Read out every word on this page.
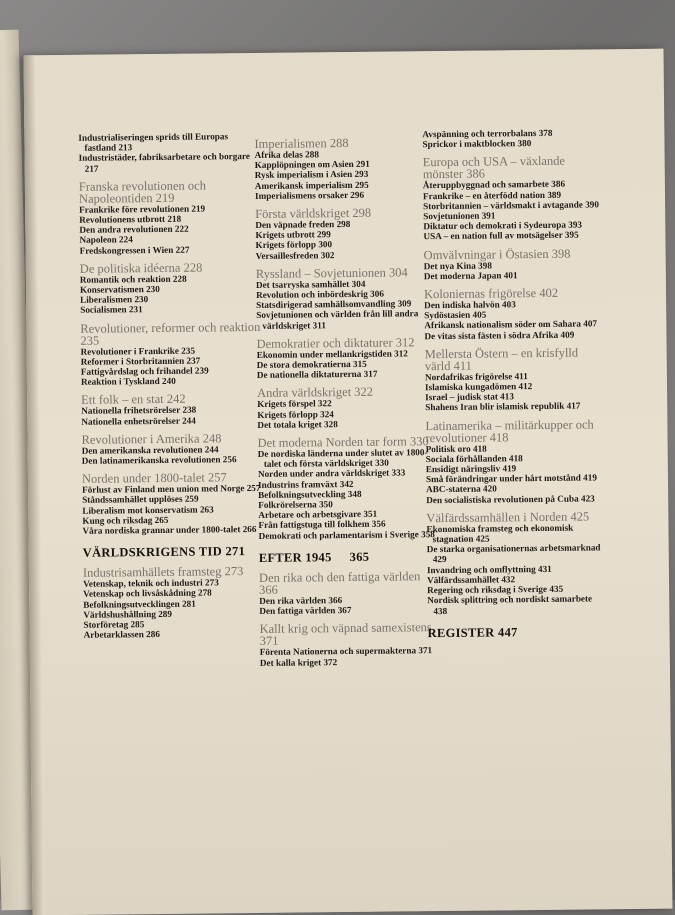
Industrialiseringen sprids till Europas fastland 213
Industristäder, fabriksarbetare och borgare 217
Franska revolutionen och Napoleontiden 219
Frankrike före revolutionen 219
Revolutionens utbrott 218
Den andra revolutionen 222
Napoleon 224
Fredskongressen i Wien 227
De politiska idéerna 228
Romantik och reaktion 228
Konservatismen 230
Liberalismen 230
Socialismen 231
Revolutioner, reformer och reaktion 235
Revolutioner i Frankrike 235
Reformer i Storbritannien 237
Fattigvårdslag och frihandel 239
Reaktion i Tyskland 240
Ett folk – en stat 242
Nationella frihetsrörelser 238
Nationella enhetsrörelser 244
Revolutioner i Amerika 248
Den amerikanska revolutionen 244
Den latinamerikanska revolutionen 256
Norden under 1800-talet 257
Förlust av Finland men union med Norge 257
Ståndssamhället upplöses 259
Liberalism mot konservatism 263
Kung och riksdag 265
Våra nordiska grannar under 1800-talet 266
VÄRLDSKRIGENS TID 271
Industrisamhällets framsteg 273
Vetenskap, teknik och industri 273
Vetenskap och livsåskådning 278
Befolkningsutvecklingen 281
Världshushållning 289
Storföretag 285
Arbetarklassen 286
Imperialismen 288
Afrika delas 288
Kapplöpningen om Asien 291
Rysk imperialism i Asien 293
Amerikansk imperialism 295
Imperialismens orsaker 296
Första världskriget 298
Den väpnade freden 298
Krigets utbrott 299
Krigets förlopp 300
Versaillesfreden 302
Ryssland – Sovjetunionen 304
Det tsarryska samhället 304
Revolution och inbördeskrig 306
Statsdirigerad samhällsomvandling 309
Sovjetunionen och världen från lill andra världskriget 311
Demokratier och diktaturer 312
Ekonomin under mellankrigstiden 312
De stora demokratierna 315
De nationella diktaturerna 317
Andra världskriget 322
Krigets förspel 322
Krigets förlopp 324
Det totala kriget 328
Det moderna Norden tar form 330
De nordiska länderna under slutet av 1800-talet och första världskriget 330
Norden under andra världskriget 333
Industrins framväxt 342
Befolkningsutveckling 348
Folkrörelserna 350
Arbetare och arbetsgivare 351
Från fattigstuga till folkhem 356
Demokrati och parlamentarism i Sverige 358
EFTER 1945 365
Den rika och den fattiga världen 366
Den rika världen 366
Den fattiga världen 367
Kallt krig och väpnad samexistens 371
Förenta Nationerna och supermakterna 371
Det kalla kriget 372
Avspänning och terrorbalans 378
Sprickor i maktblocken 380
Europa och USA – växlande mönster 386
Återuppbyggnad och samarbete 386
Frankrike – en återfödd nation 389
Storbritannien – världsmakt i avtagande 390
Sovjetunionen 391
Diktatur och demokrati i Sydeuropa 393
USA – en nation full av motsägelser 395
Omvälvningar i Östasien 398
Det nya Kina 398
Det moderna Japan 401
Koloniernas frigörelse 402
Den indiska halvön 403
Sydöstasien 405
Afrikansk nationalism söder om Sahara 407
De vitas sista fästen i södra Afrika 409
Mellersta Östern – en krisfylld värld 411
Nordafrikas frigörelse 411
Islamiska kungadömen 412
Israel – judisk stat 413
Shahens Iran blir islamisk republik 417
Latinamerika – militärkupper och revolutioner 418
Politisk oro 418
Sociala förhållanden 418
Ensidigt näringsliv 419
Små förändringar under hårt motstånd 419
ABC-staterna 420
Den socialistiska revolutionen på Cuba 423
Välfärdssamhällen i Norden 425
Ekonomiska framsteg och ekonomisk stagnation 425
De starka organisationernas arbetsmarknad 429
Invandring och omflyttning 431
Välfärdssamhället 432
Regering och riksdag i Sverige 435
Nordisk splittring och nordiskt samarbete 438
REGISTER 447
